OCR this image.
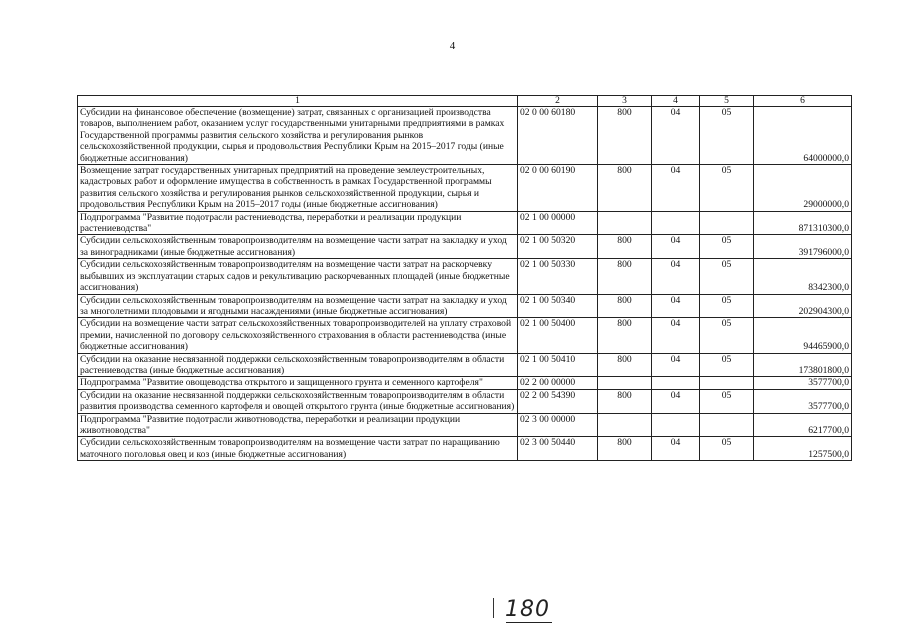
4
1	2	3	4	5	6
Субсидии на финансовое обеспечение (возмещение) затрат, связанных с организацией производства товаров, выполнением работ, оказанием услуг государственными унитарными предприятиями в рамках Государственной программы развития сельского хозяйства и регулирования рынков сельскохозяйственной продукции, сырья и продовольствия Республики Крым на 2015–2017 годы (иные бюджетные ассигнования)	02 0 00 60180	800	04	05	64000000,0
Возмещение затрат государственных унитарных предприятий на проведение землеустроительных, кадастровых работ и оформление имущества в собственность в рамках Государственной программы развития сельского хозяйства и регулирования рынков сельскохозяйственной продукции, сырья и продовольствия Республики Крым на 2015–2017 годы (иные бюджетные ассигнования)	02 0 00 60190	800	04	05	29000000,0
Подпрограмма "Развитие подотрасли растениеводства, переработки и реализации продукции растениеводства"	02 1 00 00000				871310300,0
Субсидии сельскохозяйственным товаропроизводителям на возмещение части затрат на закладку и уход за виноградниками (иные бюджетные ассигнования)	02 1 00 50320	800	04	05	391796000,0
Субсидии сельскохозяйственным товаропроизводителям на возмещение части затрат на раскорчевку выбывших из эксплуатации старых садов и рекультивацию раскорчеванных площадей (иные бюджетные ассигнования)	02 1 00 50330	800	04	05	8342300,0
Субсидии сельскохозяйственным товаропроизводителям на возмещение части затрат на закладку и уход за многолетними плодовыми и ягодными насаждениями (иные бюджетные ассигнования)	02 1 00 50340	800	04	05	202904300,0
Субсидии на возмещение части затрат сельскохозяйственных товаропроизводителей на уплату страховой премии, начисленной по договору сельскохозяйственного страхования в области растениеводства (иные бюджетные ассигнования)	02 1 00 50400	800	04	05	94465900,0
Субсидии на оказание несвязанной поддержки сельскохозяйственным товаропроизводителям в области растениеводства (иные бюджетные ассигнования)	02 1 00 50410	800	04	05	173801800,0
Подпрограмма "Развитие овощеводства открытого и защищенного грунта и семенного картофеля"	02 2 00 00000				3577700,0
Субсидии на оказание несвязанной поддержки сельскохозяйственным товаропроизводителям в области развития производства семенного картофеля и овощей открытого грунта (иные бюджетные ассигнования)	02 2 00 54390	800	04	05	3577700,0
Подпрограмма "Развитие подотрасли животноводства, переработки и реализации продукции животноводства"	02 3 00 00000				6217700,0
Субсидии сельскохозяйственным товаропроизводителям на возмещение части затрат по наращиванию маточного поголовья овец и коз (иные бюджетные ассигнования)	02 3 00 50440	800	04	05	1257500,0
180
